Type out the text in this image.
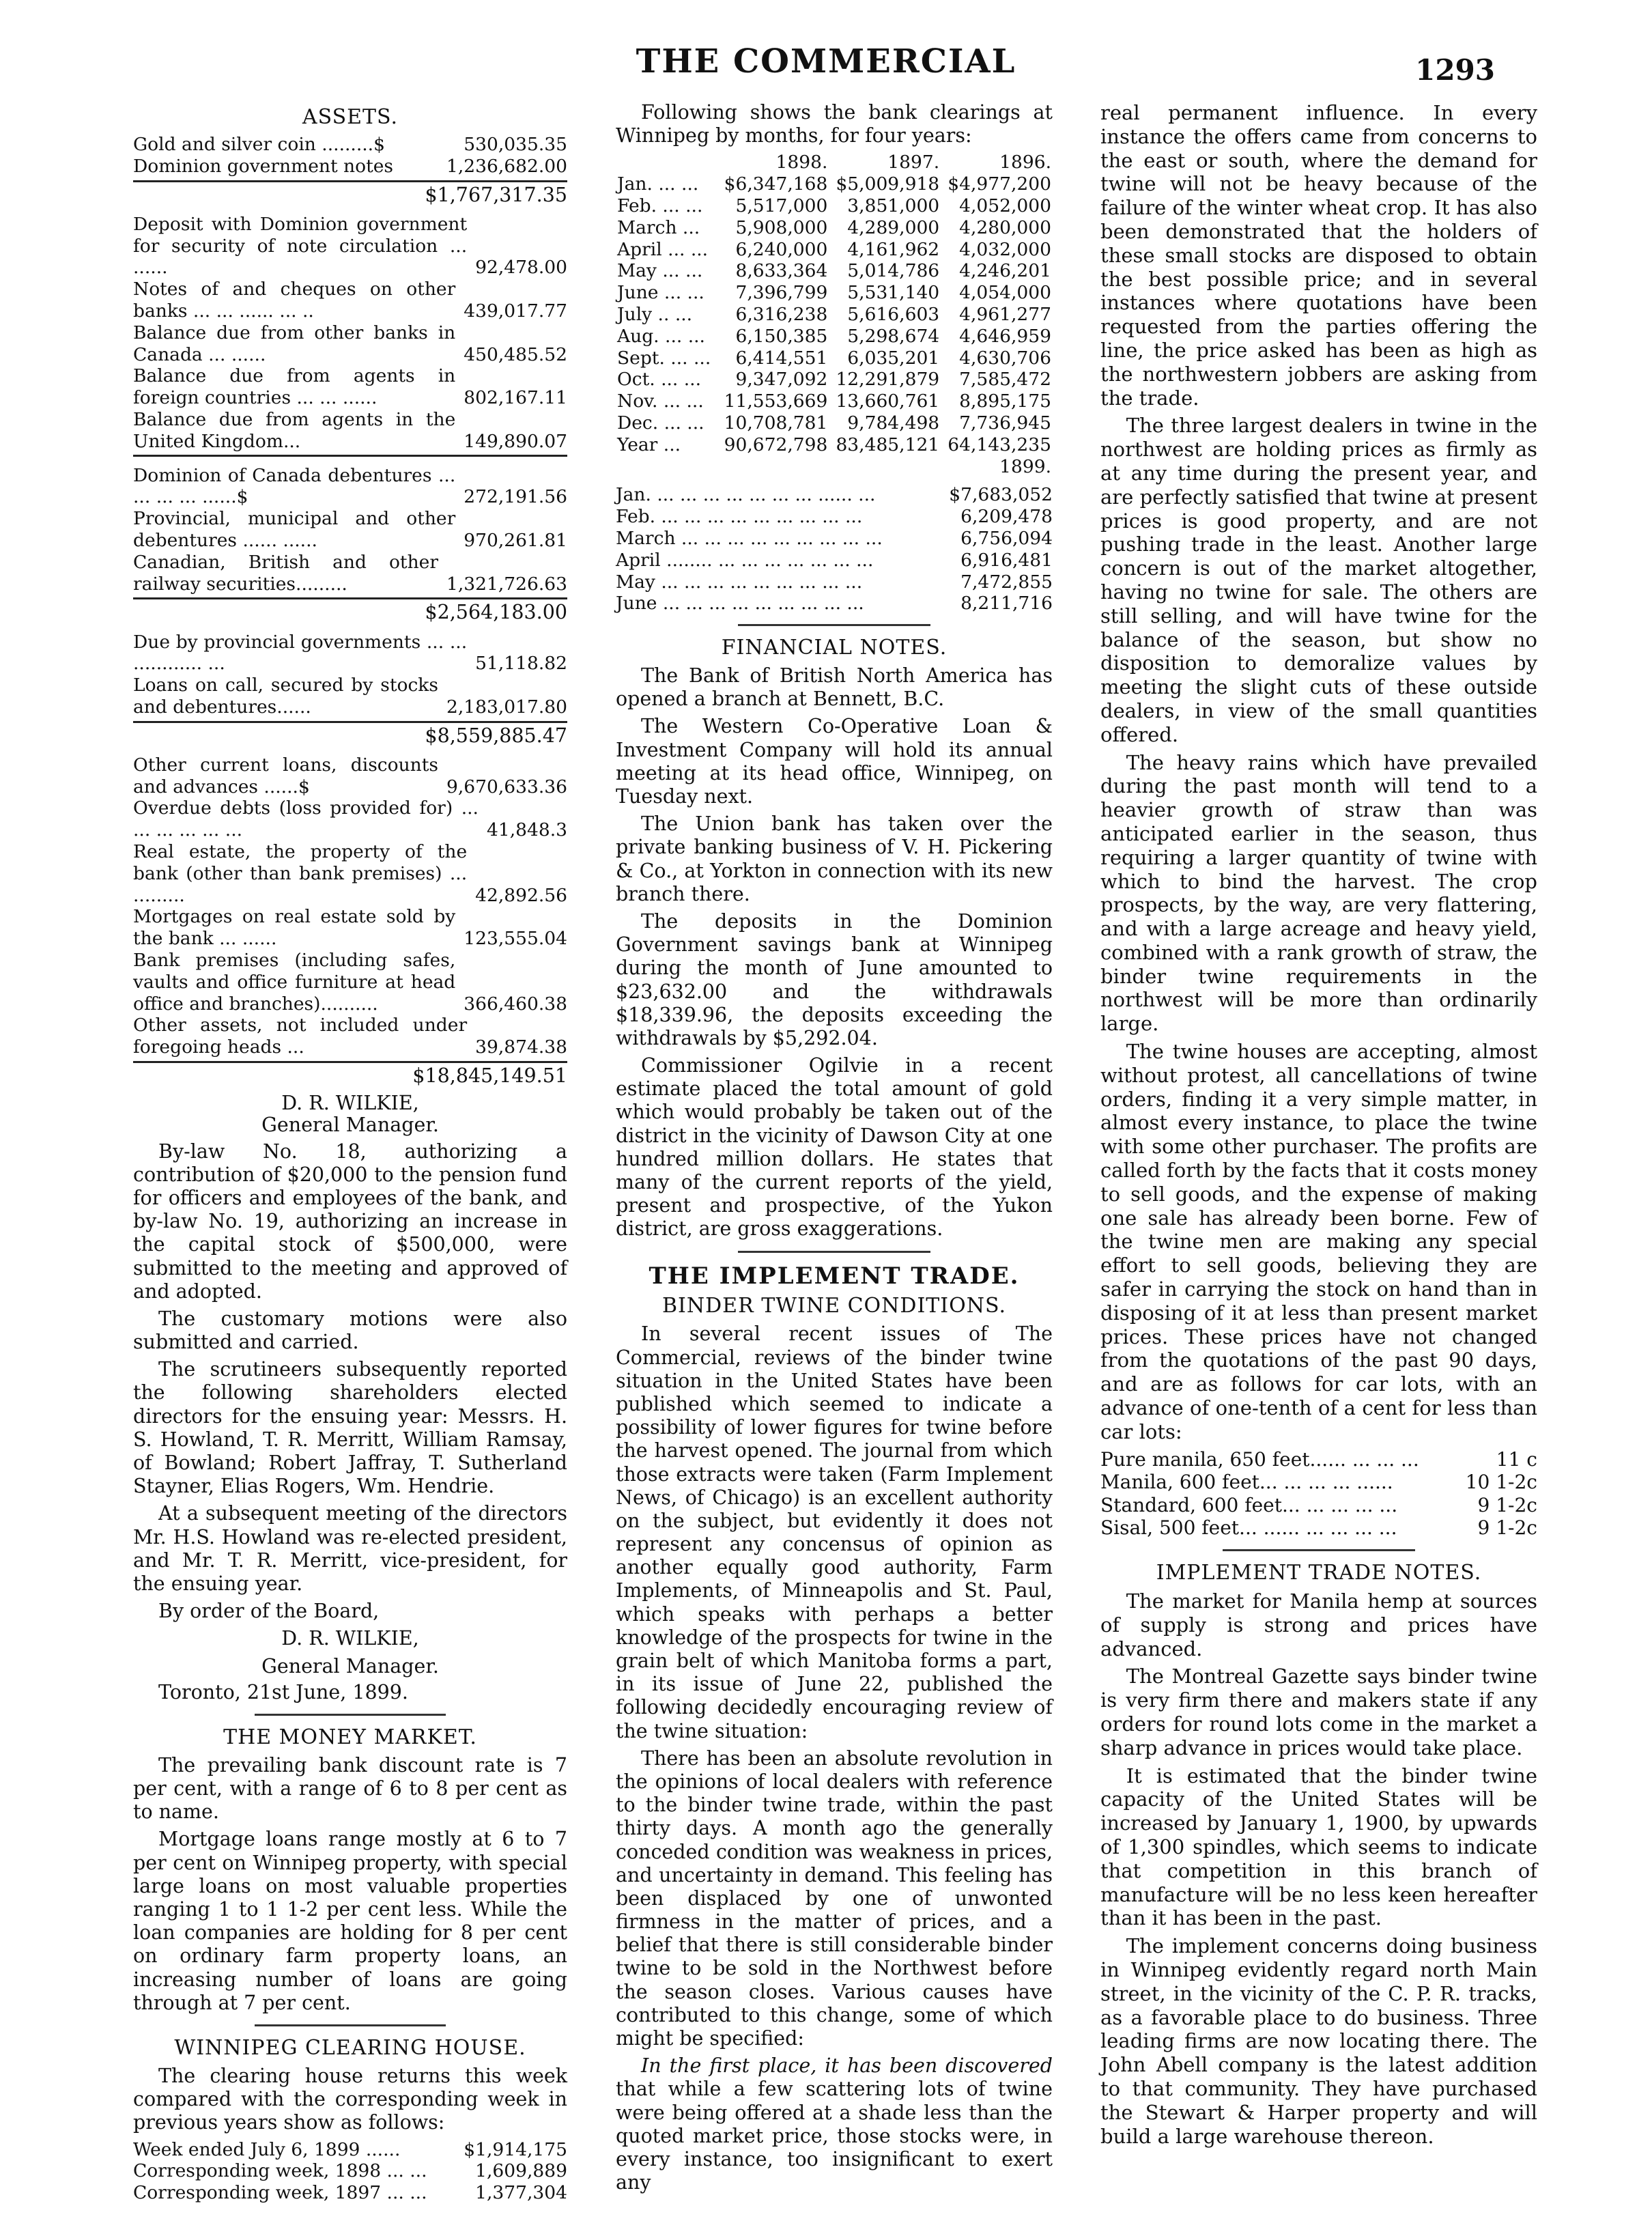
THE COMMERCIAL	1293
ASSETS.
Gold and silver coin .........$	530,035.35
Dominion government notes	1,236,682.00
$1,767,317.35
Deposit with Dominion government for security of note circulation ... ......	92,478.00
Notes of and cheques on other banks ... ... ...... ... ..	439,017.77
Balance due from other banks in Canada ... ......	450,485.52
Balance due from agents in foreign countries ... ... ......	802,167.11
Balance due from agents in the United Kingdom...	149,890.07
Dominion of Canada debentures ... ... ... ... ......$	272,191.56
Provincial, municipal and other debentures ...... ......	970,261.81
Canadian, British and other railway securities.........	1,321,726.63
$2,564,183.00
Due by provincial governments ... ... ............ ...	51,118.82
Loans on call, secured by stocks and debentures......	2,183,017.80
$8,559,885.47
Other current loans, discounts and advances ......$	9,670,633.36
Overdue debts (loss provided for) ... ... ... ... ... ...	41,848.3
Real estate, the property of the bank (other than bank premises) ... .........	42,892.56
Mortgages on real estate sold by the bank ... ......	123,555.04
Bank premises (including safes, vaults and office furniture at head office and branches)..........	366,460.38
Other assets, not included under foregoing heads ...	39,874.38
$18,845,149.51
D. R. WILKIE,
General Manager.
By-law No. 18, authorizing a contribution of $20,000 to the pension fund for officers and employees of the bank, and by-law No. 19, authorizing an increase in the capital stock of $500,000, were submitted to the meeting and approved of and adopted.
The customary motions were also submitted and carried.
The scrutineers subsequently reported the following shareholders elected directors for the ensuing year: Messrs. H. S. Howland, T. R. Merritt, William Ramsay, of Bowland; Robert Jaffray, T. Sutherland Stayner, Elias Rogers, Wm. Hendrie.
At a subsequent meeting of the directors Mr. H.S. Howland was re-elected president, and Mr. T. R. Merritt, vice-president, for the ensuing year.
By order of the Board,
D. R. WILKIE,
General Manager.
Toronto, 21st June, 1899.
THE MONEY MARKET.
The prevailing bank discount rate is 7 per cent, with a range of 6 to 8 per cent as to name.
Mortgage loans range mostly at 6 to 7 per cent on Winnipeg property, with special large loans on most valuable properties ranging 1 to 1 1-2 per cent less. While the loan companies are holding for 8 per cent on ordinary farm property loans, an increasing number of loans are going through at 7 per cent.
WINNIPEG CLEARING HOUSE.
The clearing house returns this week compared with the corresponding week in previous years show as follows:
Week ended July 6, 1899 ......	$1,914,175
Corresponding week, 1898 ... ...	1,609,889
Corresponding week, 1897 ... ...	1,377,304
Following shows the bank clearings at Winnipeg by months, for four years:
	1898.	1897.	1896.
Jan. ... ...	$6,347,168	$5,009,918	$4,977,200
Feb. ... ...	5,517,000	3,851,000	4,052,000
March ...	5,908,000	4,289,000	4,280,000
April ... ...	6,240,000	4,161,962	4,032,000
May ... ...	8,633,364	5,014,786	4,246,201
June ... ...	7,396,799	5,531,140	4,054,000
July .. ...	6,316,238	5,616,603	4,961,277
Aug. ... ...	6,150,385	5,298,674	4,646,959
Sept. ... ...	6,414,551	6,035,201	4,630,706
Oct. ... ...	9,347,092	12,291,879	7,585,472
Nov. ... ...	11,553,669	13,660,761	8,895,175
Dec. ... ...	10,708,781	9,784,498	7,736,945
Year ...	90,672,798	83,485,121	64,143,235
			1899.
Jan. ... ... ... ... ... ... ... ...... ...	$7,683,052
Feb. ... ... ... ... ... ... ... ... ...	6,209,478
March ... ... ... ... ... ... ... ... ...	6,756,094
April ........ ... ... ... ... ... ... ...	6,916,481
May ... ... ... ... ... ... ... ... ...	7,472,855
June ... ... ... ... ... ... ... ... ...	8,211,716
FINANCIAL NOTES.
The Bank of British North America has opened a branch at Bennett, B.C.
The Western Co-Operative Loan & Investment Company will hold its annual meeting at its head office, Winnipeg, on Tuesday next.
The Union bank has taken over the private banking business of V. H. Pickering & Co., at Yorkton in connection with its new branch there.
The deposits in the Dominion Government savings bank at Winnipeg during the month of June amounted to $23,632.00 and the withdrawals $18,339.96, the deposits exceeding the withdrawals by $5,292.04.
Commissioner Ogilvie in a recent estimate placed the total amount of gold which would probably be taken out of the district in the vicinity of Dawson City at one hundred million dollars. He states that many of the current reports of the yield, present and prospective, of the Yukon district, are gross exaggerations.
THE IMPLEMENT TRADE.
BINDER TWINE CONDITIONS.
In several recent issues of The Commercial, reviews of the binder twine situation in the United States have been published which seemed to indicate a possibility of lower figures for twine before the harvest opened. The journal from which those extracts were taken (Farm Implement News, of Chicago) is an excellent authority on the subject, but evidently it does not represent any concensus of opinion as another equally good authority, Farm Implements, of Minneapolis and St. Paul, which speaks with perhaps a better knowledge of the prospects for twine in the grain belt of which Manitoba forms a part, in its issue of June 22, published the following decidedly encouraging review of the twine situation:
There has been an absolute revolution in the opinions of local dealers with reference to the binder twine trade, within the past thirty days. A month ago the generally conceded condition was weakness in prices, and uncertainty in demand. This feeling has been displaced by one of unwonted firmness in the matter of prices, and a belief that there is still considerable binder twine to be sold in the Northwest before the season closes. Various causes have contributed to this change, some of which might be specified:
In the first place, it has been discovered that while a few scattering lots of twine were being offered at a shade less than the quoted market price, those stocks were, in every instance, too insignificant to exert any
real permanent influence. In every instance the offers came from concerns to the east or south, where the demand for twine will not be heavy because of the failure of the winter wheat crop. It has also been demonstrated that the holders of these small stocks are disposed to obtain the best possible price; and in several instances where quotations have been requested from the parties offering the line, the price asked has been as high as the northwestern jobbers are asking from the trade.
The three largest dealers in twine in the northwest are holding prices as firmly as at any time during the present year, and are perfectly satisfied that twine at present prices is good property, and are not pushing trade in the least. Another large concern is out of the market altogether, having no twine for sale. The others are still selling, and will have twine for the balance of the season, but show no disposition to demoralize values by meeting the slight cuts of these outside dealers, in view of the small quantities offered.
The heavy rains which have prevailed during the past month will tend to a heavier growth of straw than was anticipated earlier in the season, thus requiring a larger quantity of twine with which to bind the harvest. The crop prospects, by the way, are very flattering, and with a large acreage and heavy yield, combined with a rank growth of straw, the binder twine requirements in the northwest will be more than ordinarily large.
The twine houses are accepting, almost without protest, all cancellations of twine orders, finding it a very simple matter, in almost every instance, to place the twine with some other purchaser. The profits are called forth by the facts that it costs money to sell goods, and the expense of making one sale has already been borne. Few of the twine men are making any special effort to sell goods, believing they are safer in carrying the stock on hand than in disposing of it at less than present market prices. These prices have not changed from the quotations of the past 90 days, and are as follows for car lots, with an advance of one-tenth of a cent for less than car lots:
Pure manila, 650 feet...... ... ... ...	11 c
Manila, 600 feet... ... ... ... ......	10 1-2c
Standard, 600 feet... ... ... ... ...	9 1-2c
Sisal, 500 feet... ...... ... ... ... ...	9 1-2c
IMPLEMENT TRADE NOTES.
The market for Manila hemp at sources of supply is strong and prices have advanced.
The Montreal Gazette says binder twine is very firm there and makers state if any orders for round lots come in the market a sharp advance in prices would take place.
It is estimated that the binder twine capacity of the United States will be increased by January 1, 1900, by upwards of 1,300 spindles, which seems to indicate that competition in this branch of manufacture will be no less keen hereafter than it has been in the past.
The implement concerns doing business in Winnipeg evidently regard north Main street, in the vicinity of the C. P. R. tracks, as a favorable place to do business. Three leading firms are now locating there. The John Abell company is the latest addition to that community. They have purchased the Stewart & Harper property and will build a large warehouse thereon.
